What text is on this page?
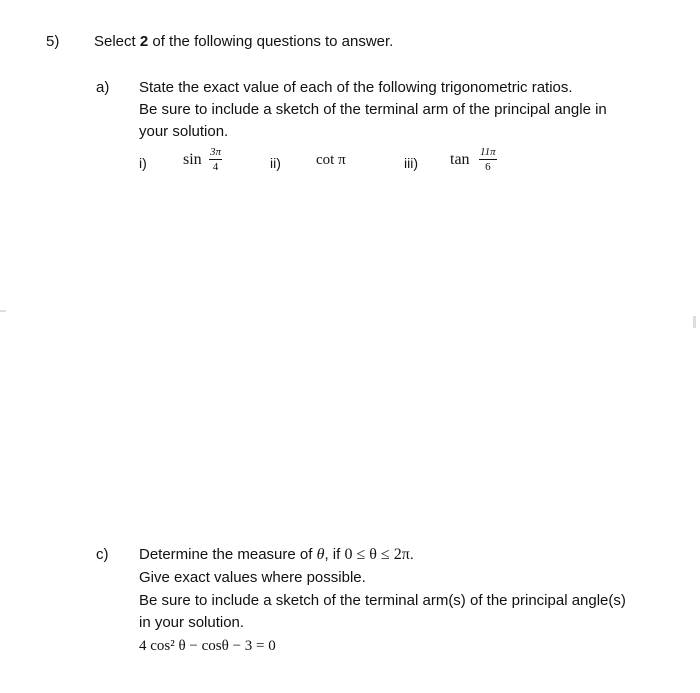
5) Select 2 of the following questions to answer.
a) State the exact value of each of the following trigonometric ratios.
Be sure to include a sketch of the terminal arm of the principal angle in
your solution.
i) $\sin \frac{3\pi}{4}$	ii) cot π	iii) $\tan \frac{11\pi}{6}$
c) Determine the measure of θ, if 0 ≤ θ ≤ 2π.
Give exact values where possible.
Be sure to include a sketch of the terminal arm(s) of the principal angle(s)
in your solution.
4 cos² θ − cosθ − 3 = 0
